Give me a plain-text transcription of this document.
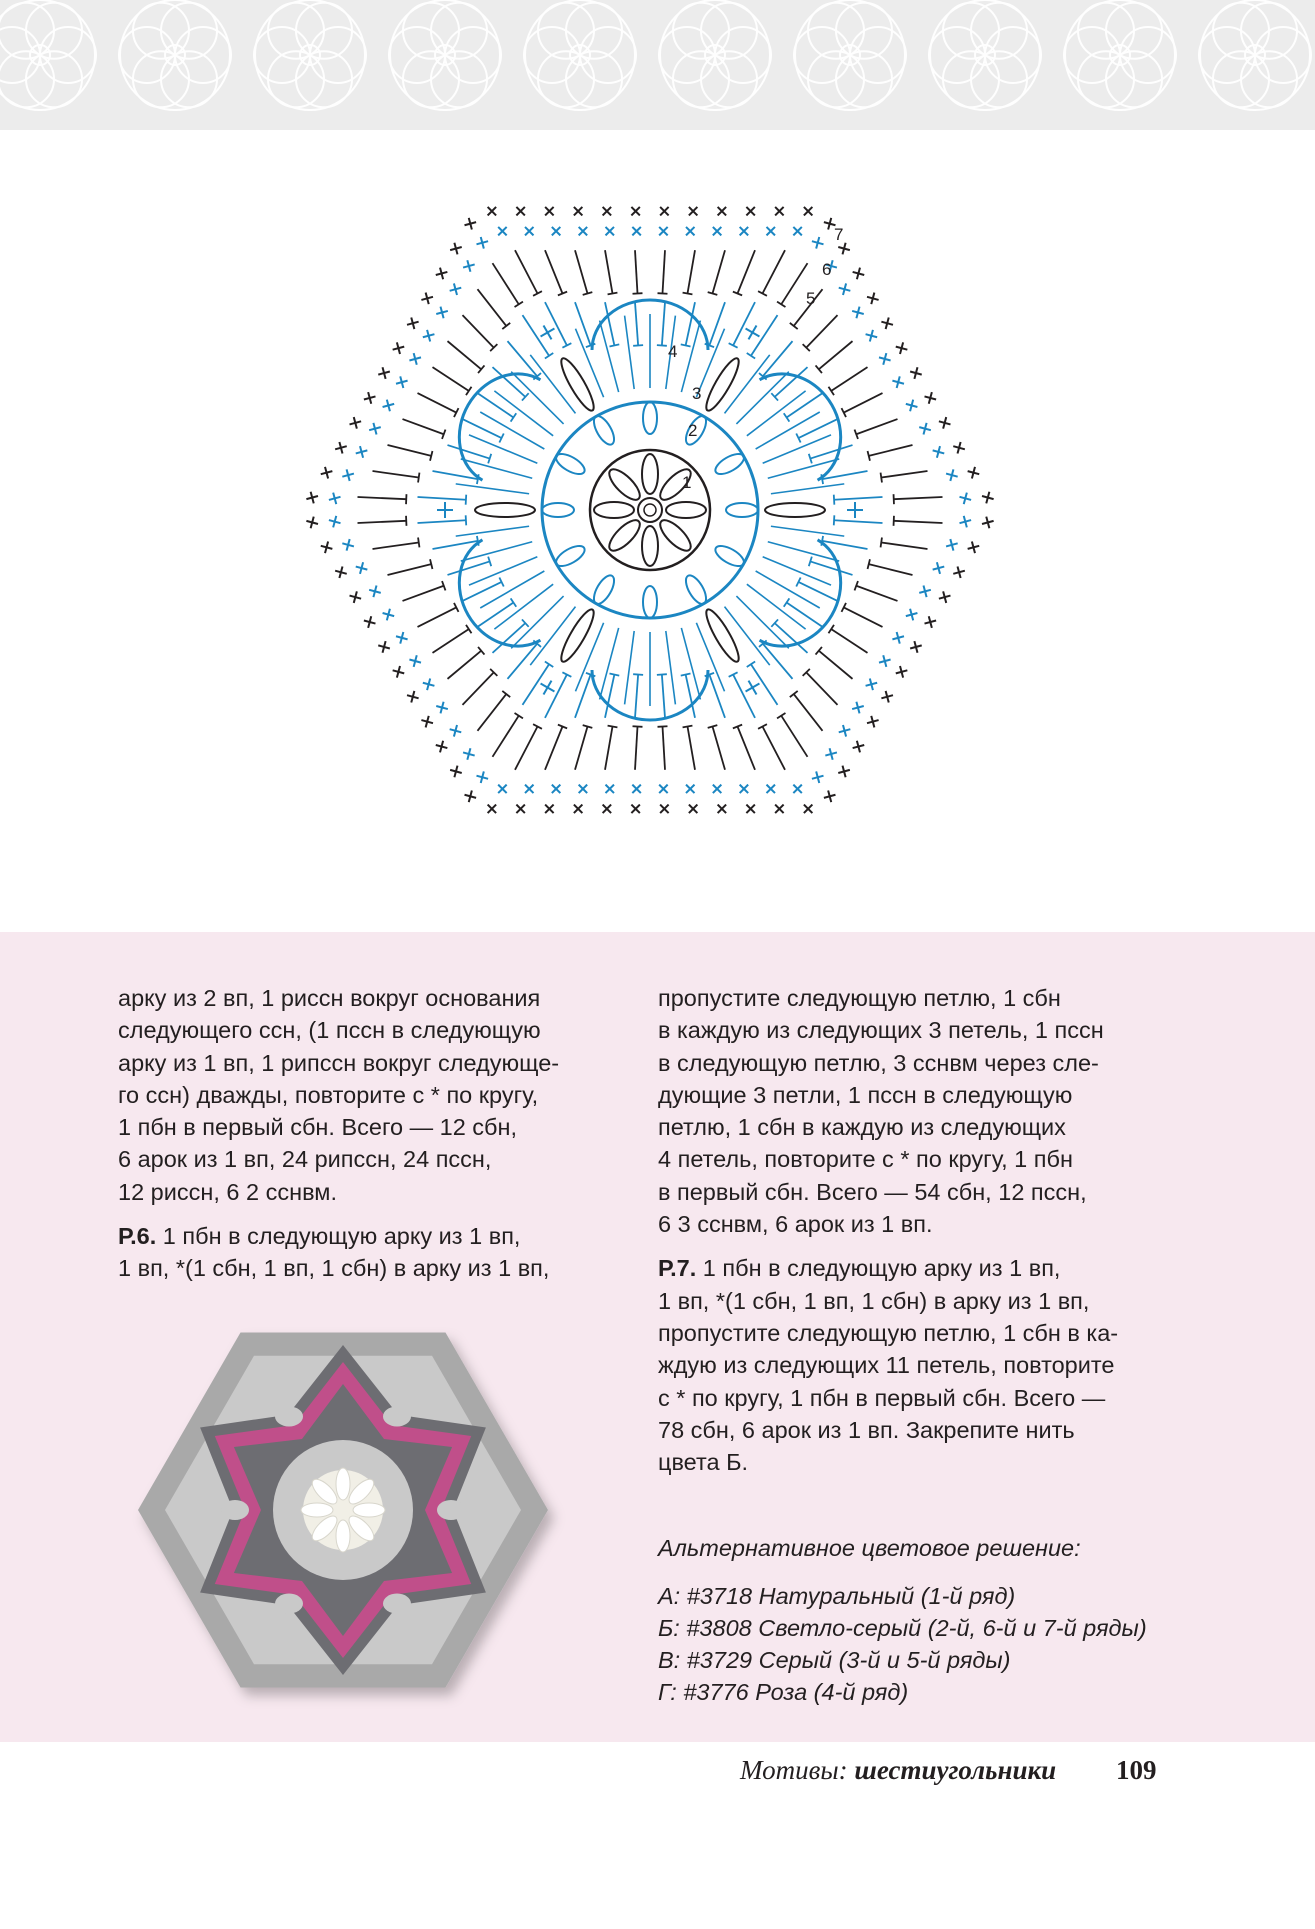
1
2
3
4
5
6
7

арку из 2 вп, 1 риссн вокруг основания
следующего ссн, (1 пссн в следующую
арку из 1 вп, 1 рипссн вокруг следующе-
го ссн) дважды, повторите с * по кругу,
1 пбн в первый сбн. Всего — 12 сбн,
6 арок из 1 вп, 24 рипссн, 24 пссн,
12 риссн, 6 2 сснвм.

Р.6. 1 пбн в следующую арку из 1 вп,
1 вп, *(1 сбн, 1 вп, 1 сбн) в арку из 1 вп,

пропустите следующую петлю, 1 сбн
в каждую из следующих 3 петель, 1 пссн
в следующую петлю, 3 сснвм через сле-
дующие 3 петли, 1 пссн в следующую
петлю, 1 сбн в каждую из следующих
4 петель, повторите с * по кругу, 1 пбн
в первый сбн. Всего — 54 сбн, 12 пссн,
6 3 сснвм, 6 арок из 1 вп.

Р.7. 1 пбн в следующую арку из 1 вп,
1 вп, *(1 сбн, 1 вп, 1 сбн) в арку из 1 вп,
пропустите следующую петлю, 1 сбн в ка-
ждую из следующих 11 петель, повторите
с * по кругу, 1 пбн в первый сбн. Всего —
78 сбн, 6 арок из 1 вп. Закрепите нить
цвета Б.

Альтернативное цветовое решение:
А: #3718 Натуральный (1-й ряд)
Б: #3808 Светло-серый (2-й, 6-й и 7-й ряды)
В: #3729 Серый (3-й и 5-й ряды)
Г: #3776 Роза (4-й ряд)
Мотивы: шестиугольники 109
